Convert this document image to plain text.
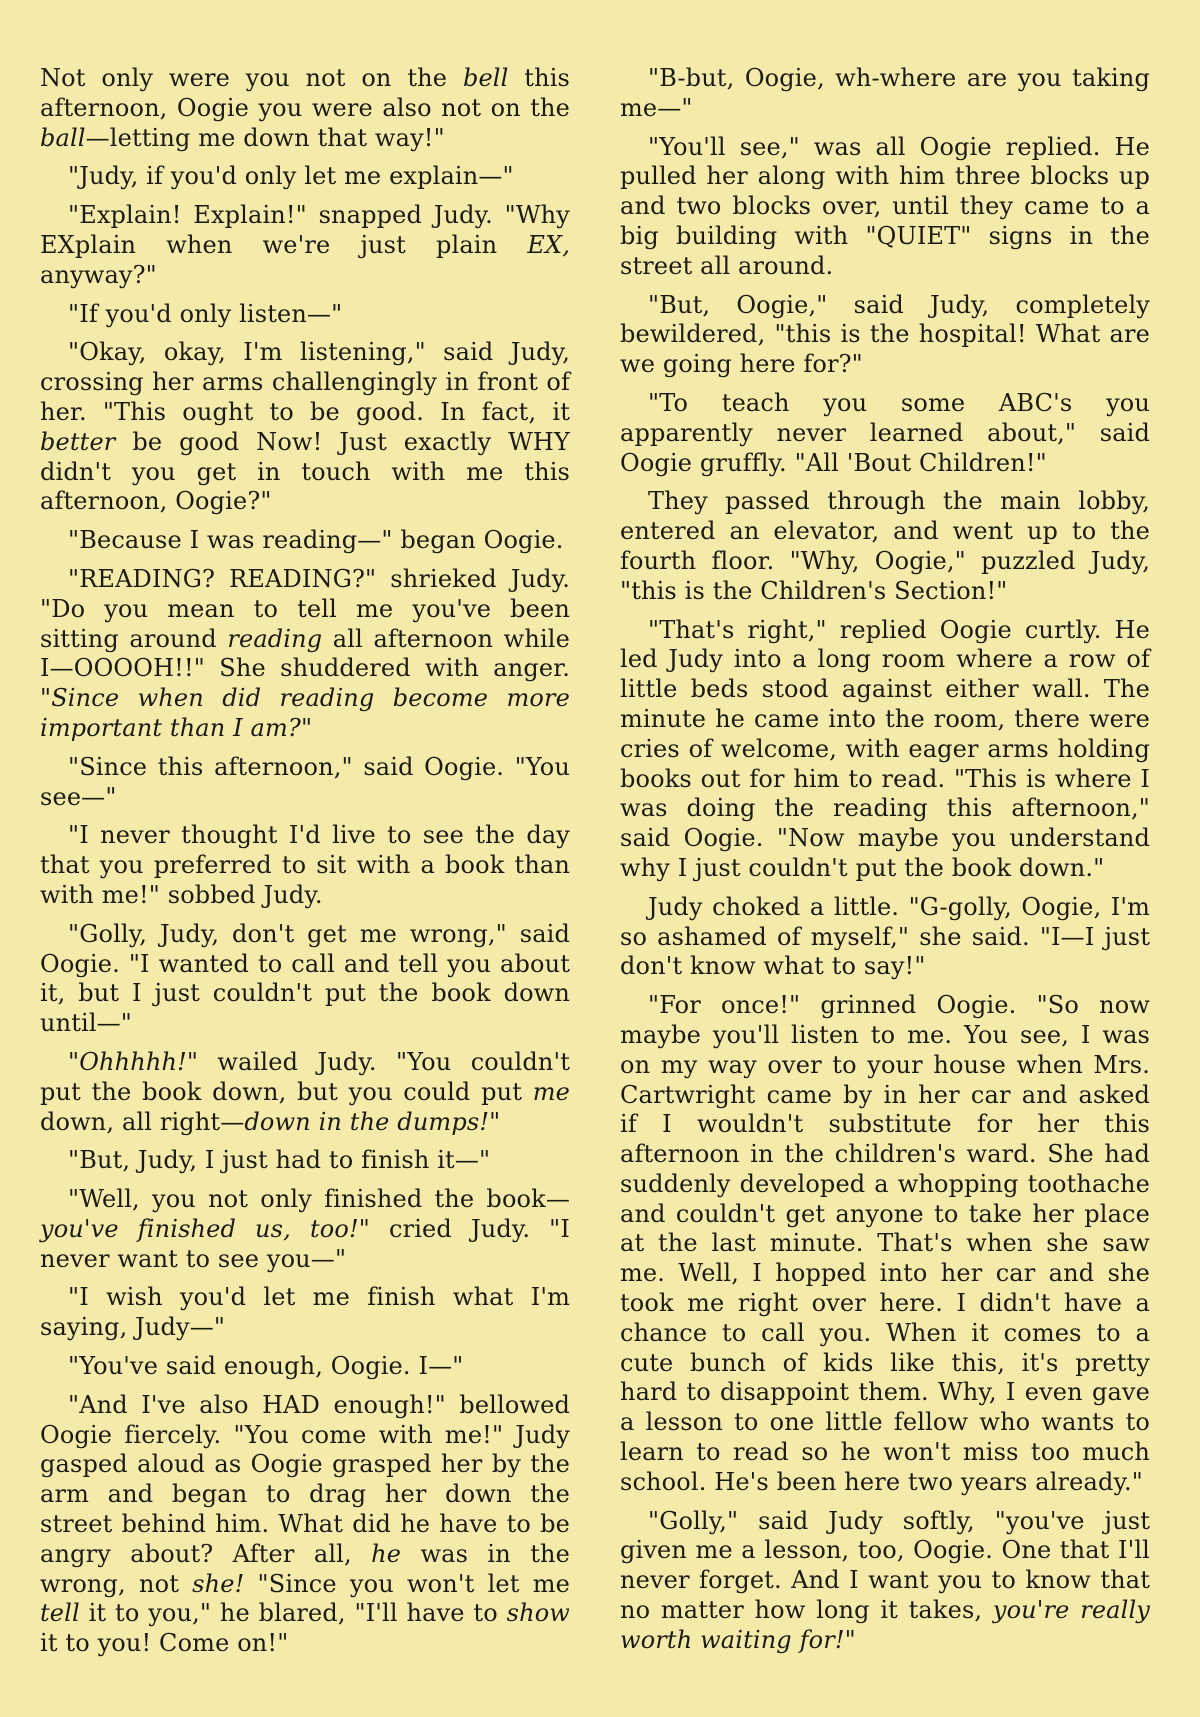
Not only were you not on the bell this afternoon, Oogie you were also not on the ball—letting me down that way!"

"Judy, if you'd only let me explain—"

"Explain! Explain!" snapped Judy. "Why EXplain when we're just plain EX, anyway?"

"If you'd only listen—"

"Okay, okay, I'm listening," said Judy, crossing her arms challengingly in front of her. "This ought to be good. In fact, it better be good Now! Just exactly WHY didn't you get in touch with me this afternoon, Oogie?"

"Because I was reading—" began Oogie.

"READING? READING?" shrieked Judy. "Do you mean to tell me you've been sitting around reading all afternoon while I—OOOOH!!" She shuddered with anger. "Since when did reading become more important than I am?"

"Since this afternoon," said Oogie. "You see—"

"I never thought I'd live to see the day that you preferred to sit with a book than with me!" sobbed Judy.

"Golly, Judy, don't get me wrong," said Oogie. "I wanted to call and tell you about it, but I just couldn't put the book down until—"

"Ohhhhh!" wailed Judy. "You couldn't put the book down, but you could put me down, all right—down in the dumps!"

"But, Judy, I just had to finish it—"

"Well, you not only finished the book—you've finished us, too!" cried Judy. "I never want to see you—"

"I wish you'd let me finish what I'm saying, Judy—"

"You've said enough, Oogie. I—"

"And I've also HAD enough!" bellowed Oogie fiercely. "You come with me!" Judy gasped aloud as Oogie grasped her by the arm and began to drag her down the street behind him. What did he have to be angry about? After all, he was in the wrong, not she! "Since you won't let me tell it to you," he blared, "I'll have to show it to you! Come on!"

"B-but, Oogie, wh-where are you taking me—"

"You'll see," was all Oogie replied. He pulled her along with him three blocks up and two blocks over, until they came to a big building with "QUIET" signs in the street all around.

"But, Oogie," said Judy, completely bewildered, "this is the hospital! What are we going here for?"

"To teach you some ABC's you apparently never learned about," said Oogie gruffly. "All 'Bout Children!"

They passed through the main lobby, entered an elevator, and went up to the fourth floor. "Why, Oogie," puzzled Judy, "this is the Children's Section!"

"That's right," replied Oogie curtly. He led Judy into a long room where a row of little beds stood against either wall. The minute he came into the room, there were cries of welcome, with eager arms holding books out for him to read. "This is where I was doing the reading this afternoon," said Oogie. "Now maybe you understand why I just couldn't put the book down."

Judy choked a little. "G-golly, Oogie, I'm so ashamed of myself," she said. "I—I just don't know what to say!"

"For once!" grinned Oogie. "So now maybe you'll listen to me. You see, I was on my way over to your house when Mrs. Cartwright came by in her car and asked if I wouldn't substitute for her this afternoon in the children's ward. She had suddenly developed a whopping toothache and couldn't get anyone to take her place at the last minute. That's when she saw me. Well, I hopped into her car and she took me right over here. I didn't have a chance to call you. When it comes to a cute bunch of kids like this, it's pretty hard to disappoint them. Why, I even gave a lesson to one little fellow who wants to learn to read so he won't miss too much school. He's been here two years already."

"Golly," said Judy softly, "you've just given me a lesson, too, Oogie. One that I'll never forget. And I want you to know that no matter how long it takes, you're really worth waiting for!"
